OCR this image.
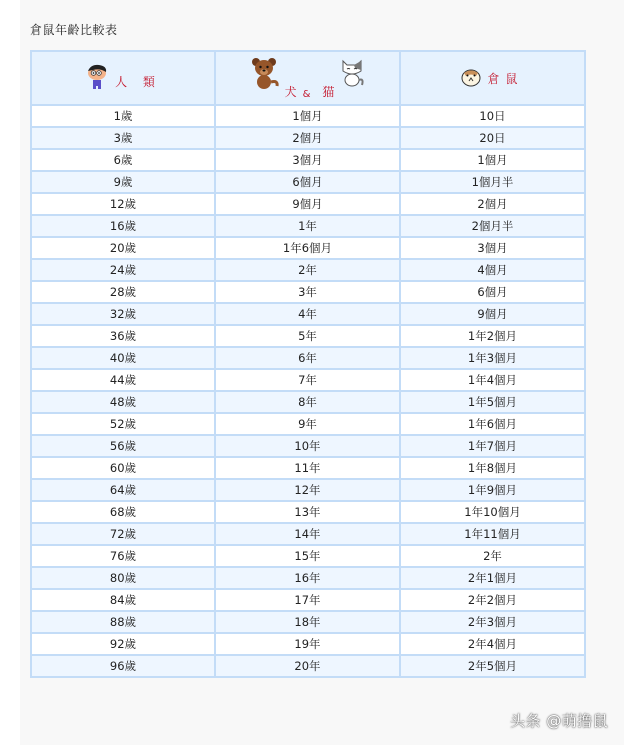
倉鼠年齡比較表
人 類	犬 & 猫	倉鼠

1歲	1個月	10日
3歲	2個月	20日
6歲	3個月	1個月
9歲	6個月	1個月半
12歲	9個月	2個月
16歲	1年	2個月半
20歲	1年6個月	3個月
24歲	2年	4個月
28歲	3年	6個月
32歲	4年	9個月
36歲	5年	1年2個月
40歲	6年	1年3個月
44歲	7年	1年4個月
48歲	8年	1年5個月
52歲	9年	1年6個月
56歲	10年	1年7個月
60歲	11年	1年8個月
64歲	12年	1年9個月
68歲	13年	1年10個月
72歲	14年	1年11個月
76歲	15年	2年
80歲	16年	2年1個月
84歲	17年	2年2個月
88歲	18年	2年3個月
92歲	19年	2年4個月
96歲	20年	2年5個月
头条 @萌撸鼠
